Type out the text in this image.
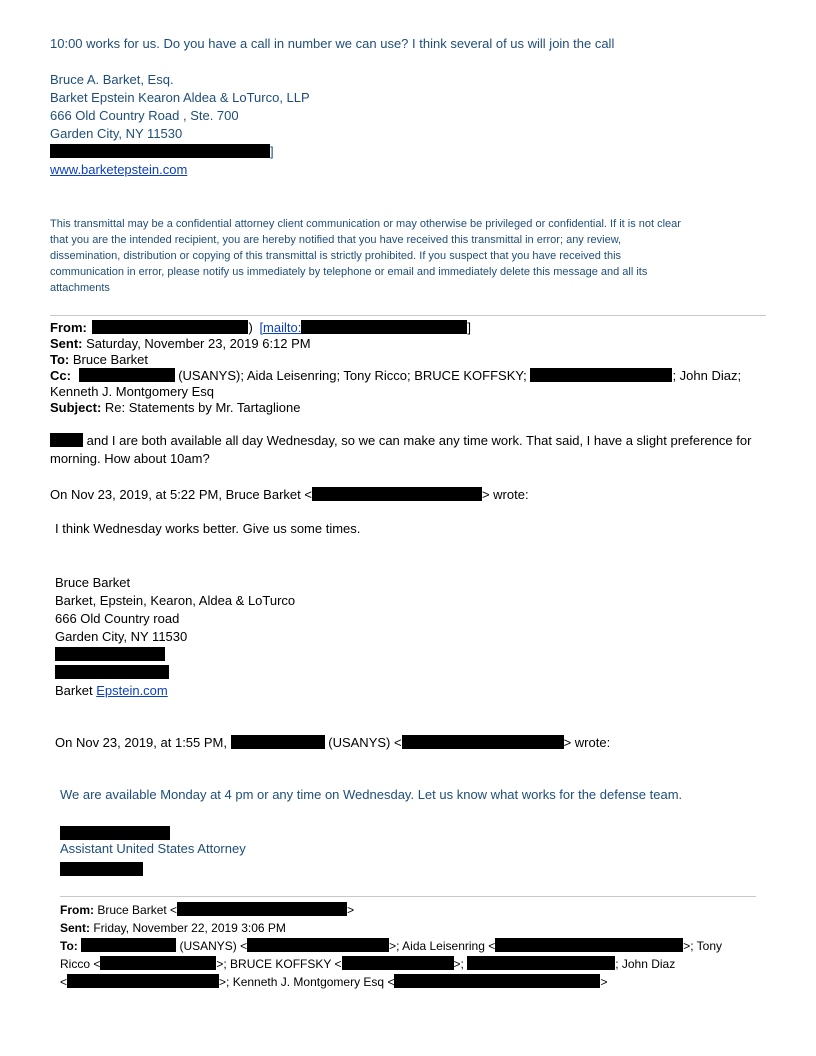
10:00 works for us. Do you have a call in number we can use? I think several of us will join the call
Bruce A. Barket, Esq.
Barket Epstein Kearon Aldea & LoTurco, LLP
666 Old Country Road , Ste. 700
Garden City, NY 11530
]
www.barketepstein.com
This transmittal may be a confidential attorney client communication or may otherwise be privileged or confidential. If it is not clear
that you are the intended recipient, you are hereby notified that you have received this transmittal in error; any review,
dissemination, distribution or copying of this transmittal is strictly prohibited. If you suspect that you have received this
communication in error, please notify us immediately by telephone or email and immediately delete this message and all its
attachments
From:	) [mailto:	]
Sent: Saturday, November 23, 2019 6:12 PM
To: Bruce Barket
Cc:	(USANYS); Aida Leisenring; Tony Ricco; BRUCE KOFFSKY;	; John Diaz;
Kenneth J. Montgomery Esq
Subject: Re: Statements by Mr. Tartaglione
and I are both available all day Wednesday, so we can make any time work. That said, I have a slight preference for
morning. How about 10am?
On Nov 23, 2019, at 5:22 PM, Bruce Barket <	> wrote:
I think Wednesday works better. Give us some times.
Bruce Barket
Barket, Epstein, Kearon, Aldea & LoTurco
666 Old Country road
Garden City, NY 11530
Barket Epstein.com
On Nov 23, 2019, at 1:55 PM,	(USANYS) <	> wrote:
We are available Monday at 4 pm or any time on Wednesday. Let us know what works for the defense team.
Assistant United States Attorney
From: Bruce Barket <	>
Sent: Friday, November 22, 2019 3:06 PM
To:	(USANYS) <	>; Aida Leisenring <	>; Tony
Ricco <	>; BRUCE KOFFSKY <	>;	; John Diaz
<	>; Kenneth J. Montgomery Esq <	>
